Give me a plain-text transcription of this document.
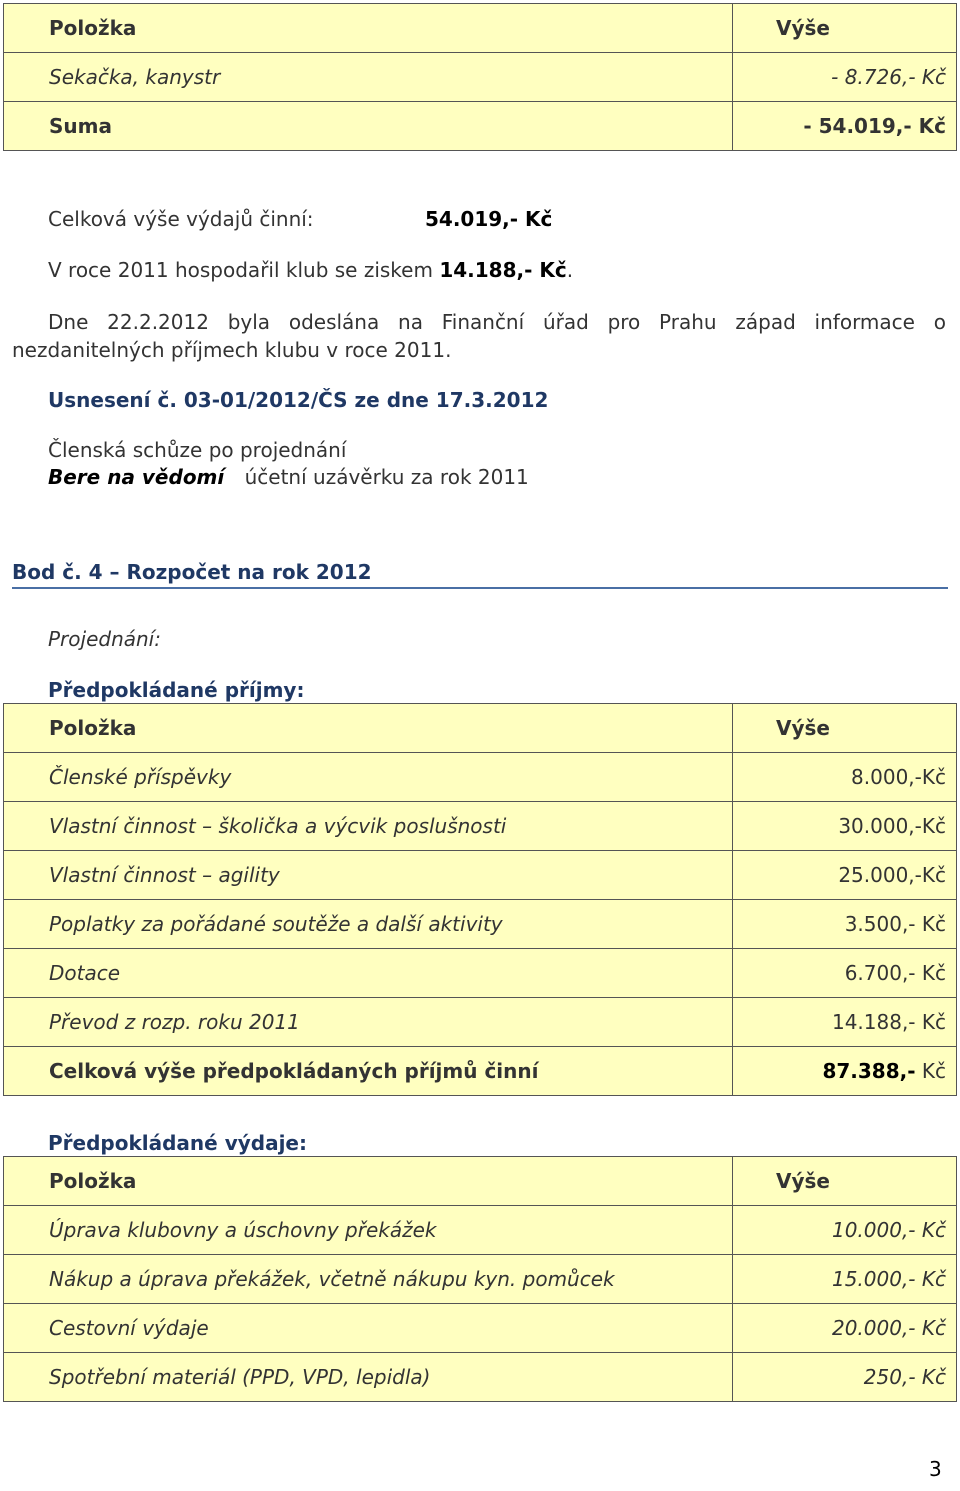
Položka	Výše
Sekačka, kanystr	- 8.726,- Kč
Suma	- 54.019,- Kč
Celková výše výdajů činní:	54.019,- Kč
V roce 2011 hospodařil klub se ziskem 14.188,- Kč.
Dne 22.2.2012 byla odeslána na Finanční úřad pro Prahu západ informace o
nezdanitelných příjmech klubu v roce 2011.
Usnesení č. 03-01/2012/ČS ze dne 17.3.2012
Členská schůze po projednání
Bere na vědomí účetní uzávěrku za rok 2011
Bod č. 4 – Rozpočet na rok 2012
Projednání:
Předpokládané příjmy:
Položka	Výše
Členské příspěvky	8.000,-Kč
Vlastní činnost – školička a výcvik poslušnosti	30.000,-Kč
Vlastní činnost – agility	25.000,-Kč
Poplatky za pořádané soutěže a další aktivity	3.500,- Kč
Dotace	6.700,- Kč
Převod z rozp. roku 2011	14.188,- Kč
Celková výše předpokládaných příjmů činní	87.388,- Kč
Předpokládané výdaje:
Položka	Výše
Úprava klubovny a úschovny překážek	10.000,- Kč
Nákup a úprava překážek, včetně nákupu kyn. pomůcek	15.000,- Kč
Cestovní výdaje	20.000,- Kč
Spotřební materiál (PPD, VPD, lepidla)	250,- Kč
3
